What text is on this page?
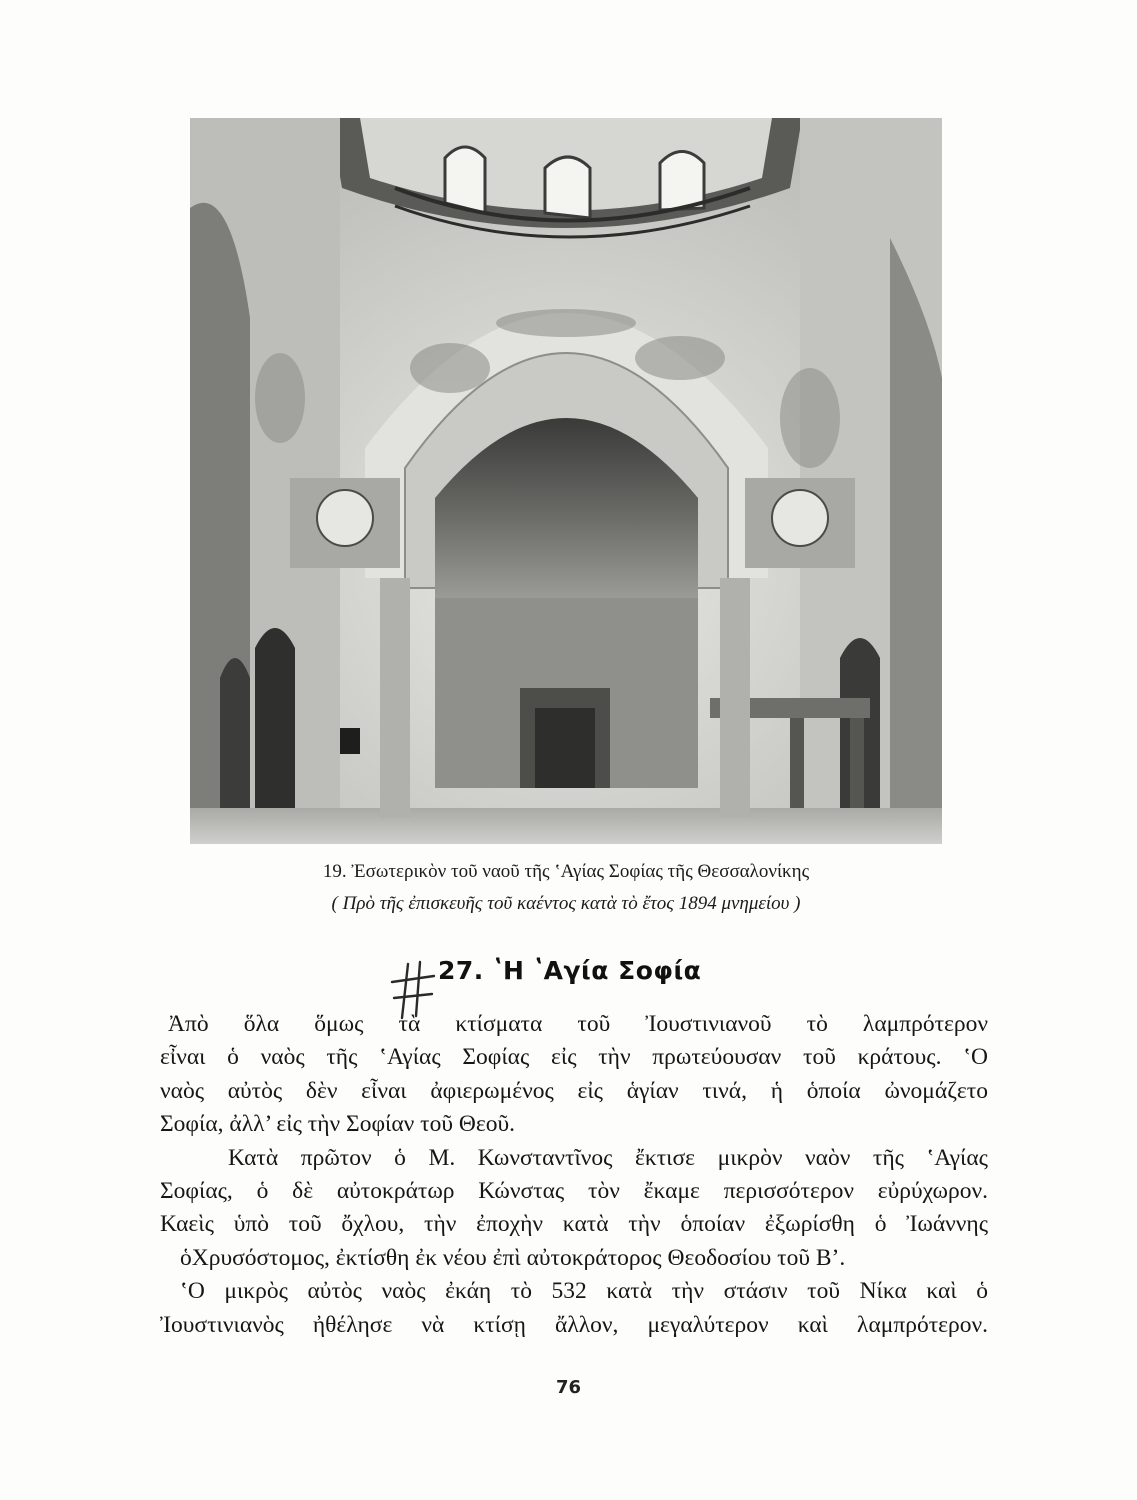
19. Ἐσωτερικὸν τοῦ ναοῦ τῆς ʽΑγίας Σοφίας τῆς Θεσσαλονίκης
( Πρὸ τῆς ἐπισκευῆς τοῦ καέντος κατὰ τὸ ἔτος 1894 μνημείου )
27. ʽΗ ʽΑγία Σοφία
Ἀπὸ ὅλα ὅμως τὰ κτίσματα τοῦ Ἰουστινιανοῦ τὸ λαμπρότερον
εἶναι ὁ ναὸς τῆς ʽΑγίας Σοφίας εἰς τὴν πρωτεύουσαν τοῦ κράτους. ʽΟ
ναὸς αὐτὸς δὲν εἶναι ἀφιερωμένος εἰς ἁγίαν τινά, ἡ ὁποία ὠνομάζετο
Σοφία, ἀλλ’ εἰς τὴν Σοφίαν τοῦ Θεοῦ.
Κατὰ πρῶτον ὁ Μ. Κωνσταντῖνος ἔκτισε μικρὸν ναὸν τῆς ʽΑγίας
Σοφίας, ὁ δὲ αὐτοκράτωρ Κώνστας τὸν ἔκαμε περισσότερον εὐρύχωρον.
Καεὶς ὑπὸ τοῦ ὄχλου, τὴν ἐποχὴν κατὰ τὴν ὁποίαν ἐξωρίσθη ὁ Ἰωάννης
ὁΧρυσόστομος, ἐκτίσθη ἐκ νέου ἐπὶ αὐτοκράτορος Θεοδοσίου τοῦ Β’.
ʽΟ μικρὸς αὐτὸς ναὸς ἐκάη τὸ 532 κατὰ τὴν στάσιν τοῦ Νίκα καὶ ὁ
Ἰουστινιανὸς ἠθέλησε νὰ κτίσῃ ἄλλον, μεγαλύτερον καὶ λαμπρότερον.
76
